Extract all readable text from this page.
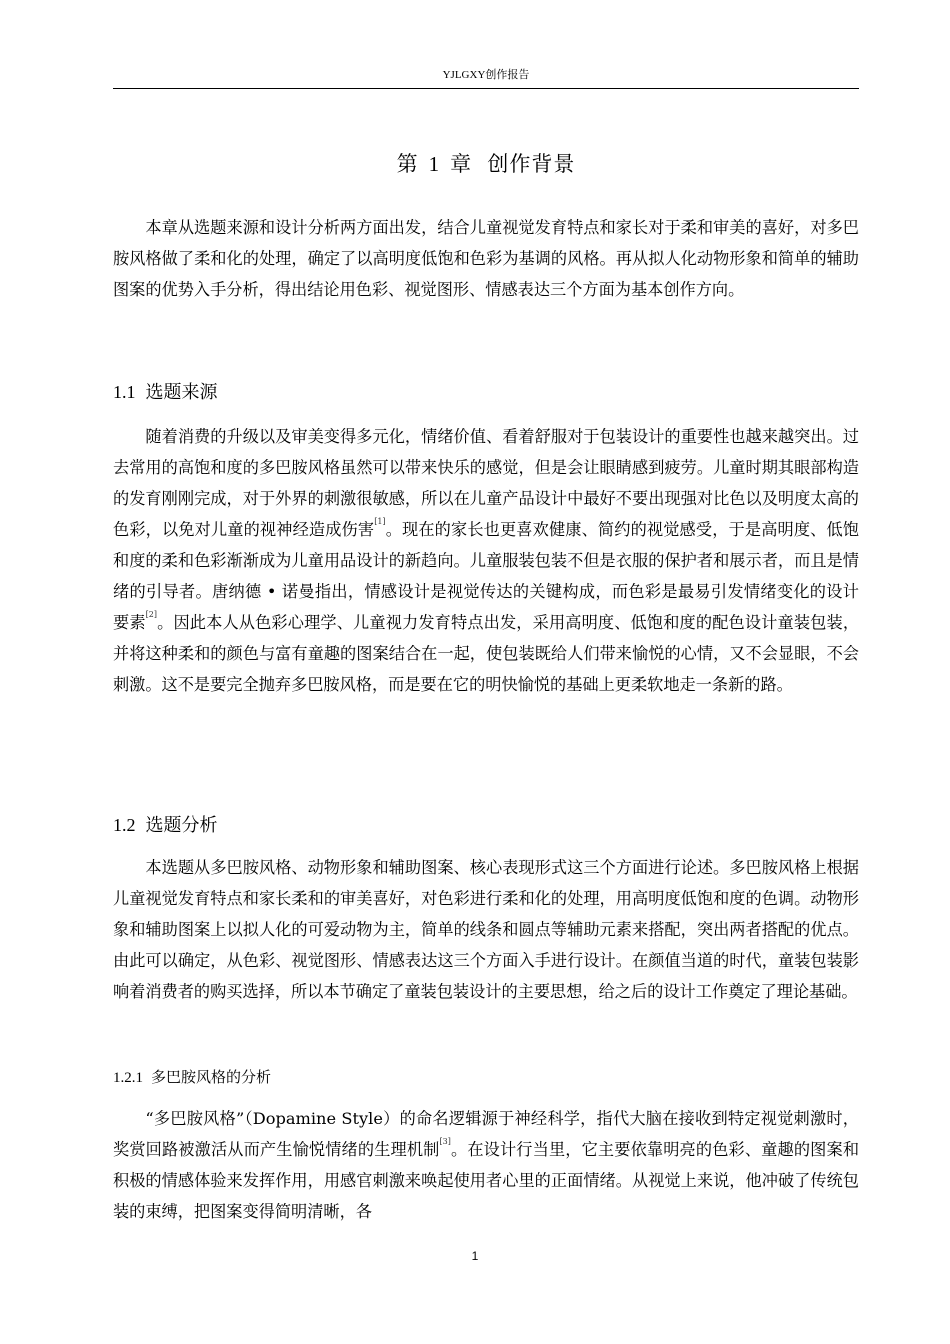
YJLGXY创作报告
第 1 章 创作背景
本章从选题来源和设计分析两方面出发，结合儿童视觉发育特点和家长对于柔和审美的喜好，对多巴胺风格做了柔和化的处理，确定了以高明度低饱和色彩为基调的风格。再从拟人化动物形象和简单的辅助图案的优势入手分析，得出结论用色彩、视觉图形、情感表达三个方面为基本创作方向。
1.1 选题来源
随着消费的升级以及审美变得多元化，情绪价值、看着舒服对于包装设计的重要性也越来越突出。过去常用的高饱和度的多巴胺风格虽然可以带来快乐的感觉，但是会让眼睛感到疲劳。儿童时期其眼部构造的发育刚刚完成，对于外界的刺激很敏感，所以在儿童产品设计中最好不要出现强对比色以及明度太高的色彩，以免对儿童的视神经造成伤害[1]。现在的家长也更喜欢健康、简约的视觉感受，于是高明度、低饱和度的柔和色彩渐渐成为儿童用品设计的新趋向。儿童服装包装不但是衣服的保护者和展示者，而且是情绪的引导者。唐纳德 • 诺曼指出，情感设计是视觉传达的关键构成，而色彩是最易引发情绪变化的设计要素[2]。因此本人从色彩心理学、儿童视力发育特点出发，采用高明度、低饱和度的配色设计童装包装，并将这种柔和的颜色与富有童趣的图案结合在一起，使包装既给人们带来愉悦的心情，又不会显眼，不会刺激。这不是要完全抛弃多巴胺风格，而是要在它的明快愉悦的基础上更柔软地走一条新的路。
1.2 选题分析
本选题从多巴胺风格、动物形象和辅助图案、核心表现形式这三个方面进行论述。多巴胺风格上根据儿童视觉发育特点和家长柔和的审美喜好，对色彩进行柔和化的处理，用高明度低饱和度的色调。动物形象和辅助图案上以拟人化的可爱动物为主，简单的线条和圆点等辅助元素来搭配，突出两者搭配的优点。由此可以确定，从色彩、视觉图形、情感表达这三个方面入手进行设计。在颜值当道的时代，童装包装影响着消费者的购买选择，所以本节确定了童装包装设计的主要思想，给之后的设计工作奠定了理论基础。
1.2.1 多巴胺风格的分析
“多巴胺风格”（Dopamine Style）的命名逻辑源于神经科学，指代大脑在接收到特定视觉刺激时，奖赏回路被激活从而产生愉悦情绪的生理机制[3]。在设计行当里，它主要依靠明亮的色彩、童趣的图案和积极的情感体验来发挥作用，用感官刺激来唤起使用者心里的正面情绪。从视觉上来说，他冲破了传统包装的束缚，把图案变得简明清晰，各
1
